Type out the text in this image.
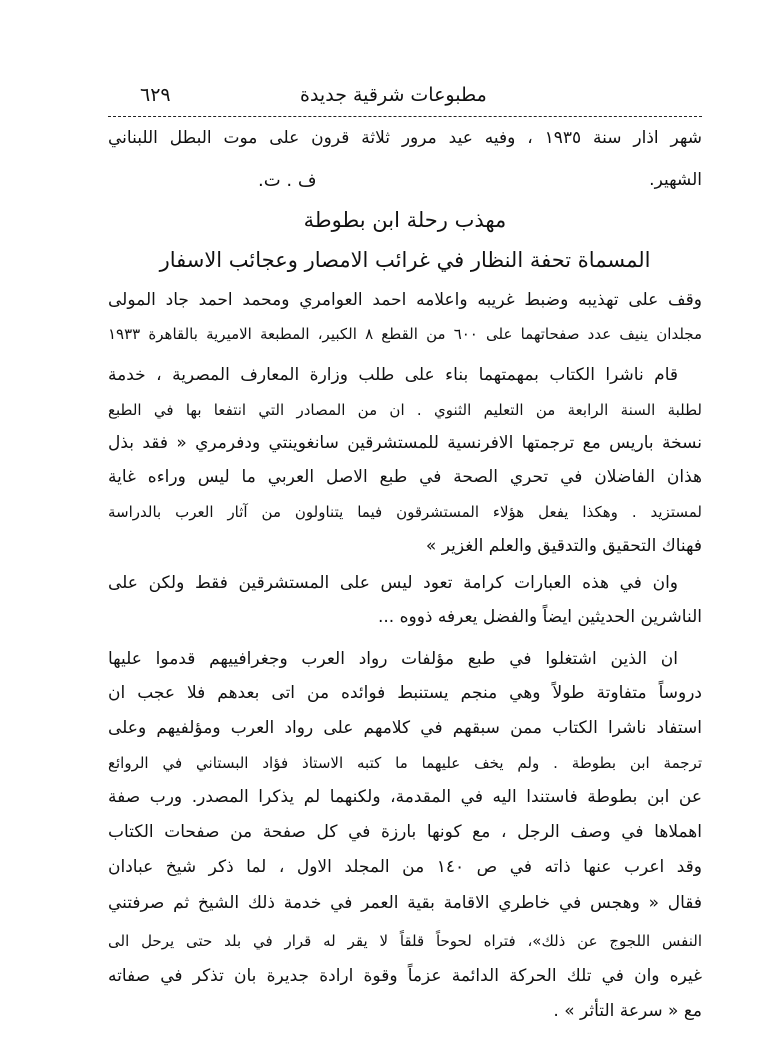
٦٢٩	مطبوعات شرقية جديدة
شهر اذار سنة ١٩٣٥ ، وفيه عيد مرور ثلاثة قرون على موت البطل اللبناني
الشهير.
ف . ت.
مهذب رحلة ابن بطوطة
المسماة تحفة النظار في غرائب الامصار وعجائب الاسفار
وقف على تهذيبه وضبط غريبه واعلامه احمد العوامري ومحمد احمد جاد المولى
مجلدان ينيف عدد صفحاتهما على ٦٠٠ من القطع ٨ الكبير، المطبعة الاميرية بالقاهرة ١٩٣٣
قام ناشرا الكتاب بمهمتهما بناء على طلب وزارة المعارف المصرية ، خدمة
لطلبة السنة الرابعة من التعليم الثنوي . ان من المصادر التي انتفعا بها في الطبع
نسخة باريس مع ترجمتها الافرنسية للمستشرقين سانغوينتي ودفرمري « فقد بذل
هذان الفاضلان في تحري الصحة في طبع الاصل العربي ما ليس وراءه غاية
لمستزيد . وهكذا يفعل هؤلاء المستشرقون فيما يتناولون من آثار العرب بالدراسة
فهناك التحقيق والتدقيق والعلم الغزير »
وان في هذه العبارات كرامة تعود ليس على المستشرقين فقط ولكن على
الناشرين الحديثين ايضاً والفضل يعرفه ذووه ...
ان الذين اشتغلوا في طبع مؤلفات رواد العرب وجغرافييهم قدموا عليها
دروساً متفاوتة طولاً وهي منجم يستنبط فوائده من اتى بعدهم فلا عجب ان
استفاد ناشرا الكتاب ممن سبقهم في كلامهم على رواد العرب ومؤلفيهم وعلى
ترجمة ابن بطوطة . ولم يخف عليهما ما كتبه الاستاذ فؤاد البستاني في الروائع
عن ابن بطوطة فاستندا اليه في المقدمة، ولكنهما لم يذكرا المصدر. ورب صفة
اهملاها في وصف الرجل ، مع كونها بارزة في كل صفحة من صفحات الكتاب
وقد اعرب عنها ذاته في ص ١٤٠ من المجلد الاول ، لما ذكر شيخ عبادان
فقال « وهجس في خاطري الاقامة بقية العمر في خدمة ذلك الشيخ ثم صرفتني
النفس اللجوج عن ذلك»، فتراه لحوحاً قلقاً لا يقر له قرار في بلد حتى يرحل الى
غيره وان في تلك الحركة الدائمة عزماً وقوة ارادة جديرة بان تذكر في صفاته
مع « سرعة التأثر » .
